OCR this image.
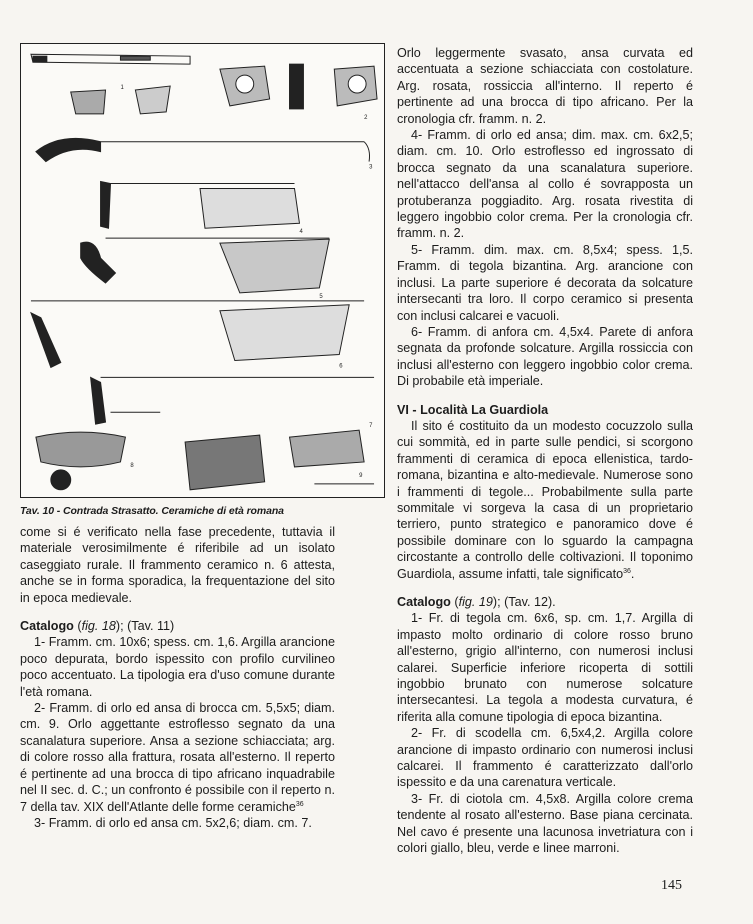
1
2
3
4
5
6
7
8
9
Tav. 10 - Contrada Strasatto. Ceramiche di età romana

come si é verificato nella fase precedente, tuttavia il materiale verosimilmente é riferibile ad un isolato caseggiato rurale. Il frammento ceramico n. 6 attesta, anche se in forma sporadica, la frequentazione del sito in epoca medievale.

Catalogo (fig. 18); (Tav. 11)

1- Framm. cm. 10x6; spess. cm. 1,6. Argilla arancione poco depurata, bordo ispessito con profilo curvilineo poco accentuato. La tipologia era d'uso comune durante l'età romana.

2- Framm. di orlo ed ansa di brocca cm. 5,5x5; diam. cm. 9. Orlo aggettante estroflesso segnato da una scanalatura superiore. Ansa a sezione schiacciata; arg. di colore rosso alla frattura, rosata all'esterno. Il reperto é pertinente ad una brocca di tipo africano inquadrabile nel II sec. d. C.; un confronto é possibile con il reperto n. 7 della tav. XIX dell'Atlante delle forme ceramiche$^{36}$

3- Framm. di orlo ed ansa cm. 5x2,6; diam. cm. 7.

Orlo leggermente svasato, ansa curvata ed accentuata a sezione schiacciata con costolature. Arg. rosata, rossiccia all'interno. Il reperto é pertinente ad una brocca di tipo africano. Per la cronologia cfr. framm. n. 2.

4- Framm. di orlo ed ansa; dim. max. cm. 6x2,5; diam. cm. 10. Orlo estroflesso ed ingrossato di brocca segnato da una scanalatura superiore. nell'attacco dell'ansa al collo é sovrapposta un protuberanza poggiadito. Arg. rosata rivestita di leggero ingobbio color crema. Per la cronologia cfr. framm. n. 2.

5- Framm. dim. max. cm. 8,5x4; spess. 1,5. Framm. di tegola bizantina. Arg. arancione con inclusi. La parte superiore é decorata da solcature intersecanti tra loro. Il corpo ceramico si presenta con inclusi calcarei e vacuoli.

6- Framm. di anfora cm. 4,5x4. Parete di anfora segnata da profonde solcature. Argilla rossiccia con inclusi all'esterno con leggero ingobbio color crema. Di probabile età imperiale.

VI - Località La Guardiola

Il sito é costituito da un modesto cocuzzolo sulla cui sommità, ed in parte sulle pendici, si scorgono frammenti di ceramica di epoca ellenistica, tardo-romana, bizantina e alto-medievale. Numerose sono i frammenti di tegole... Probabilmente sulla parte sommitale vi sorgeva la casa di un proprietario terriero, punto strategico e panoramico dove é possibile dominare con lo sguardo la campagna circostante a controllo delle coltivazioni. Il toponimo Guardiola, assume infatti, tale significato$^{36}$.

Catalogo (fig. 19); (Tav. 12).

1- Fr. di tegola cm. 6x6, sp. cm. 1,7. Argilla di impasto molto ordinario di colore rosso bruno all'esterno, grigio all'interno, con numerosi inclusi calarei. Superficie inferiore ricoperta di sottili ingobbio brunato con numerose solcature intersecantesi. La tegola a modesta curvatura, é riferita alla comune tipologia di epoca bizantina.

2- Fr. di scodella cm. 6,5x4,2. Argilla colore arancione di impasto ordinario con numerosi inclusi calcarei. Il frammento é caratterizzato dall'orlo ispessito e da una carenatura verticale.

3- Fr. di ciotola cm. 4,5x8. Argilla colore crema tendente al rosato all'esterno. Base piana cercinata. Nel cavo é presente una lacunosa invetriatura con i colori giallo, bleu, verde e linee marroni.

145
